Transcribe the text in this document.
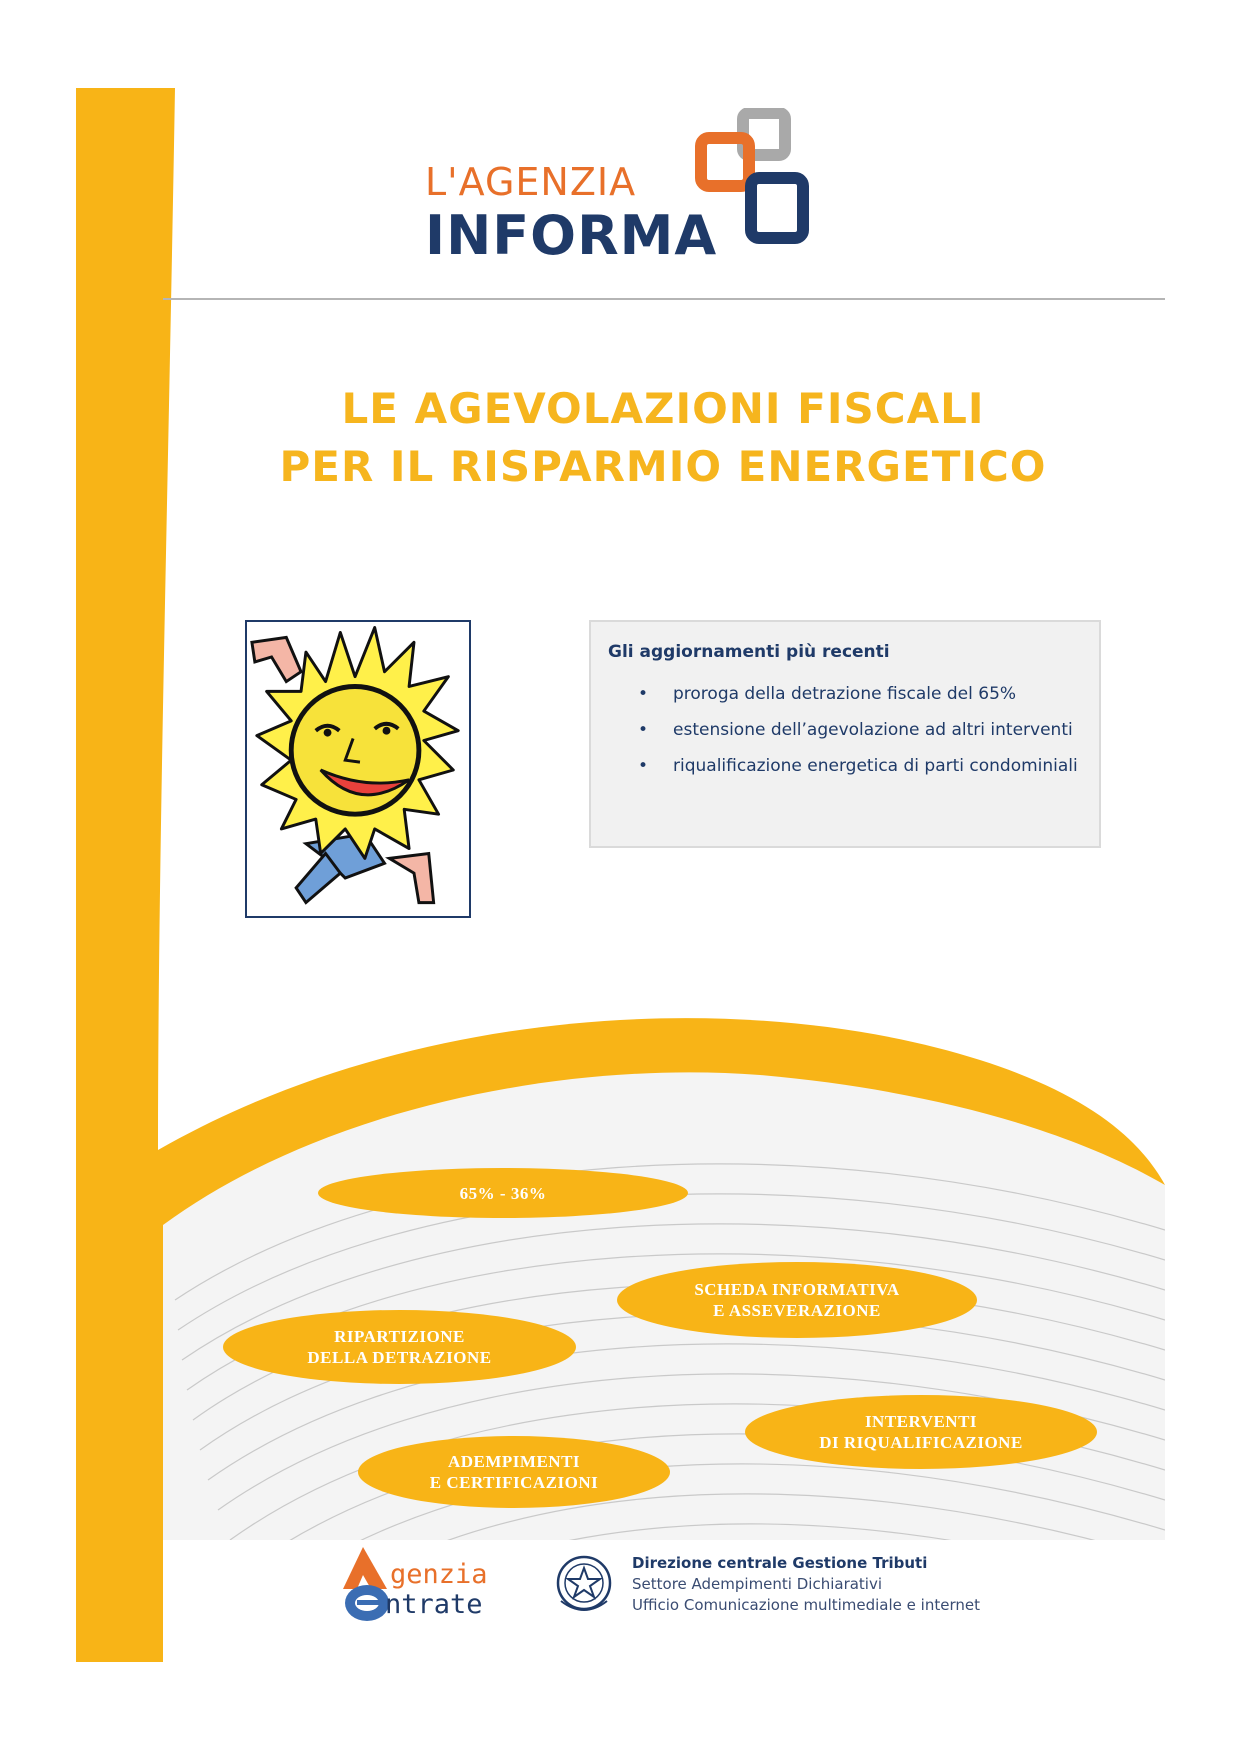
L'AGENZIA
INFORMA
LE AGEVOLAZIONI FISCALI
PER IL RISPARMIO ENERGETICO
Gli aggiornamenti più recenti
• proroga della detrazione fiscale del 65%
• estensione dell’agevolazione ad altri interventi
• riqualificazione energetica di parti condominiali
65% - 36%
SCHEDA INFORMATIVA
E ASSEVERAZIONE
RIPARTIZIONE
DELLA DETRAZIONE
INTERVENTI
DI RIQUALIFICAZIONE
ADEMPIMENTI
E CERTIFICAZIONI
genzia
ntrate
Direzione centrale Gestione Tributi
Settore Adempimenti Dichiarativi
Ufficio Comunicazione multimediale e internet
